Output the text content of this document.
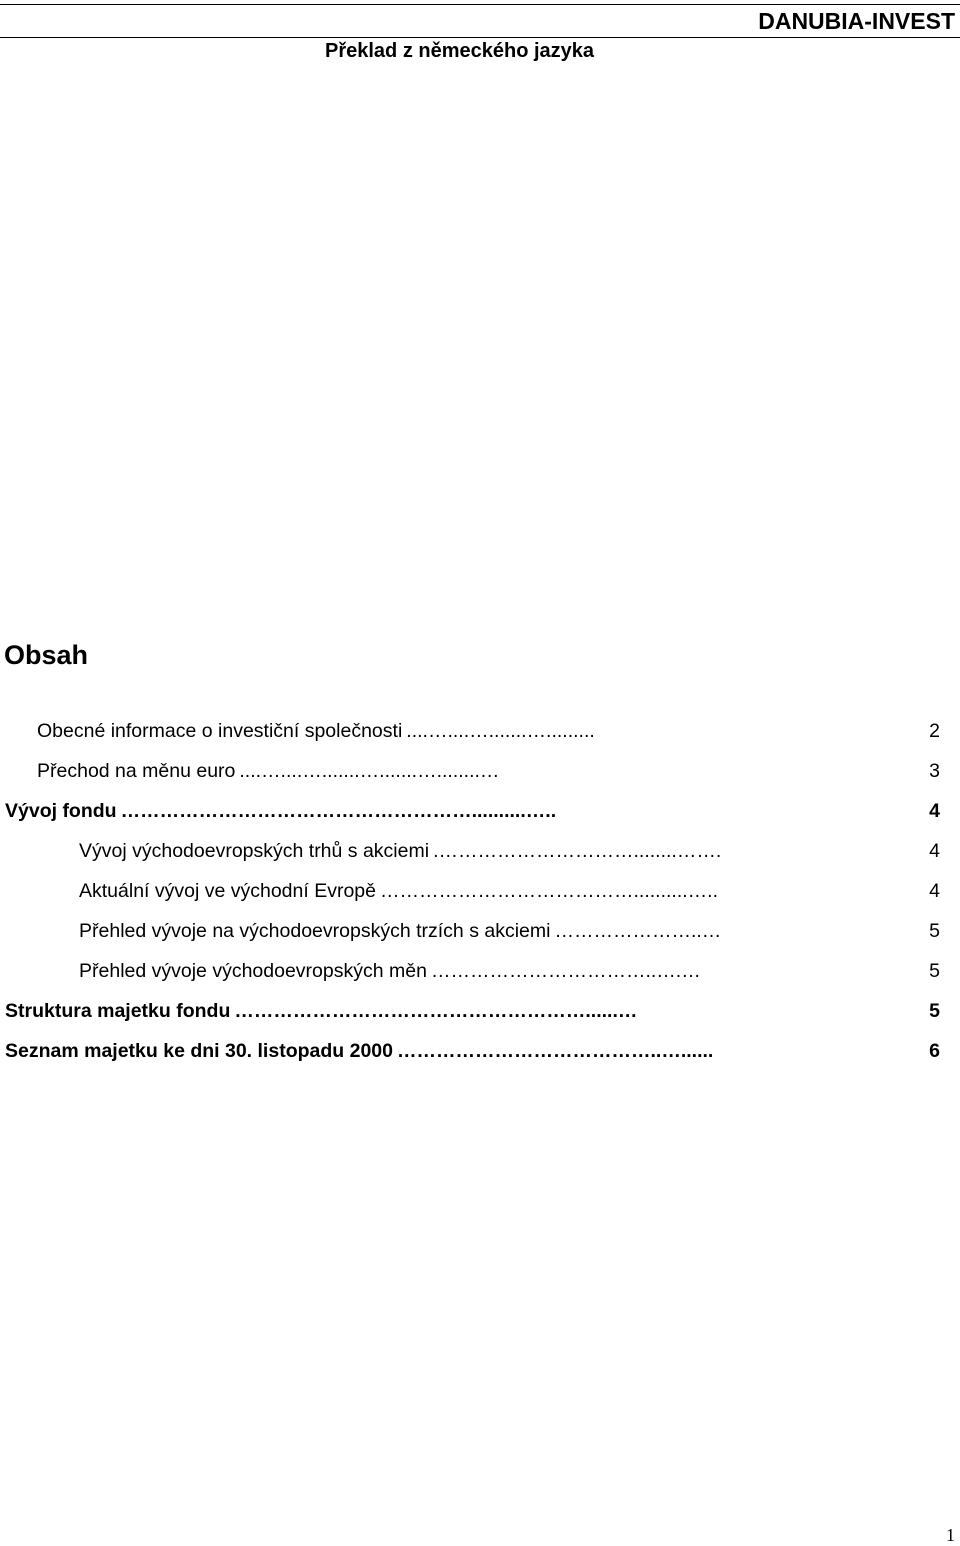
DANUBIA-INVEST
Překlad z německého jazyka
Obsah
Obecné informace o investiční společnosti ....…....….......….........	2
Přechod na měnu euro ....…....….......….......…........…	3
Vývoj fondu ………………………………………………..........…..	4
Vývoj východoevropských trhů s akciemi .…………………………........…….	4
Aktuální vývoj ve východní Evropě …………………………………..........…..	4
Přehled vývoje na východoevropských trzích s akciemi …………………..…	5
Přehled vývoje východoevropských měn ……………………………..….…	5
Struktura majetku fondu ………………………………………………......…	5
Seznam majetku ke dni 30. listopadu 2000 …………………………………..…......	6
1
